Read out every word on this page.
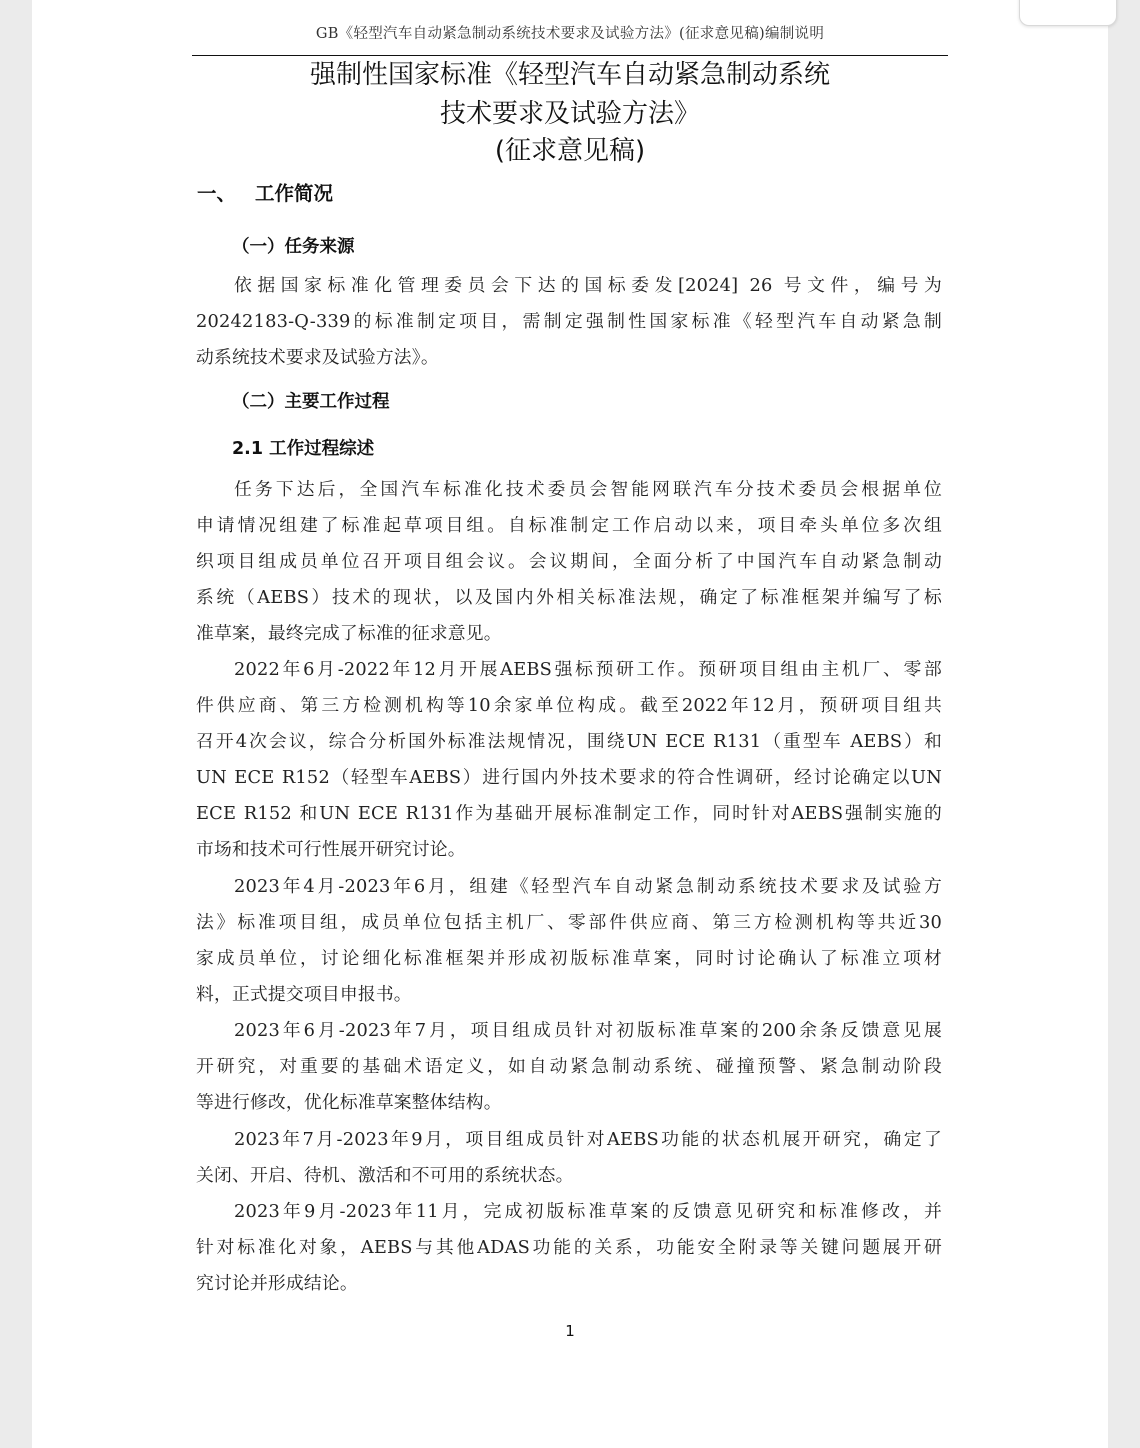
GB《轻型汽车自动紧急制动系统技术要求及试验方法》(征求意见稿)编制说明
强制性国家标准《轻型汽车自动紧急制动系统
技术要求及试验方法》
(征求意见稿)
一、 工作简况
（一）任务来源
依据国家标准化管理委员会下达的国标委发[2024] 26 号文件，编号为
20242183-Q-339的标准制定项目，需制定强制性国家标准《轻型汽车自动紧急制
动系统技术要求及试验方法》。
（二）主要工作过程
2.1 工作过程综述
任务下达后，全国汽车标准化技术委员会智能网联汽车分技术委员会根据单位
申请情况组建了标准起草项目组。自标准制定工作启动以来，项目牵头单位多次组
织项目组成员单位召开项目组会议。会议期间，全面分析了中国汽车自动紧急制动
系统（AEBS）技术的现状，以及国内外相关标准法规，确定了标准框架并编写了标
准草案，最终完成了标准的征求意见。
2022年6月-2022年12月开展AEBS强标预研工作。预研项目组由主机厂、零部
件供应商、第三方检测机构等10余家单位构成。截至2022年12月，预研项目组共
召开4次会议，综合分析国外标准法规情况，围绕UN ECE R131（重型车 AEBS）和
UN ECE R152（轻型车AEBS）进行国内外技术要求的符合性调研，经讨论确定以UN
ECE R152 和UN ECE R131作为基础开展标准制定工作，同时针对AEBS强制实施的
市场和技术可行性展开研究讨论。
2023年4月-2023年6月，组建《轻型汽车自动紧急制动系统技术要求及试验方
法》标准项目组，成员单位包括主机厂、零部件供应商、第三方检测机构等共近30
家成员单位，讨论细化标准框架并形成初版标准草案，同时讨论确认了标准立项材
料，正式提交项目申报书。
2023年6月-2023年7月，项目组成员针对初版标准草案的200余条反馈意见展
开研究，对重要的基础术语定义，如自动紧急制动系统、碰撞预警、紧急制动阶段
等进行修改，优化标准草案整体结构。
2023年7月-2023年9月，项目组成员针对AEBS功能的状态机展开研究，确定了
关闭、开启、待机、激活和不可用的系统状态。
2023年9月-2023年11月，完成初版标准草案的反馈意见研究和标准修改，并
针对标准化对象，AEBS与其他ADAS功能的关系，功能安全附录等关键问题展开研
究讨论并形成结论。
1
